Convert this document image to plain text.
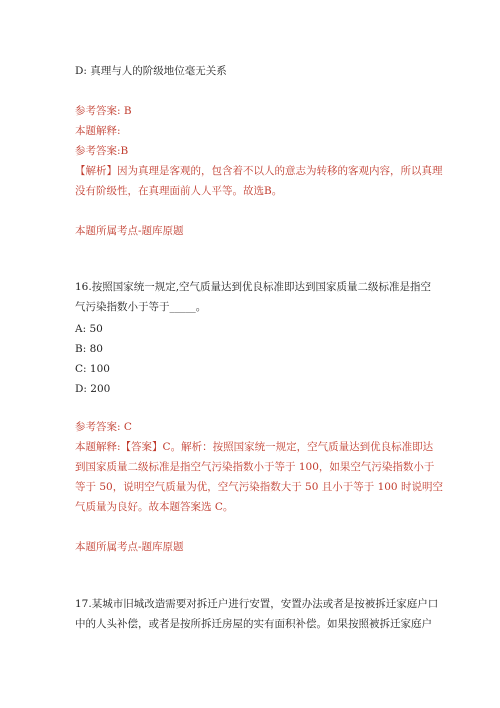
D: 真理与人的阶级地位毫无关系
参考答案: B
本题解释:
参考答案:B
【解析】因为真理是客观的，包含着不以人的意志为转移的客观内容，所以真理
没有阶级性，在真理面前人人平等。故选B。
本题所属考点-题库原题
16.按照国家统一规定,空气质量达到优良标准即达到国家质量二级标准是指空
气污染指数小于等于_____。
A: 50
B: 80
C: 100
D: 200
参考答案: C
本题解释:【答案】C。解析：按照国家统一规定，空气质量达到优良标准即达
到国家质量二级标准是指空气污染指数小于等于 100，如果空气污染指数小于
等于 50，说明空气质量为优，空气污染指数大于 50 且小于等于 100 时说明空
气质量为良好。故本题答案选 C。
本题所属考点-题库原题
17.某城市旧城改造需要对拆迁户进行安置，安置办法或者是按被拆迁家庭户口
中的人头补偿，或者是按所拆迁房屋的实有面积补偿。如果按照被拆迁家庭户
